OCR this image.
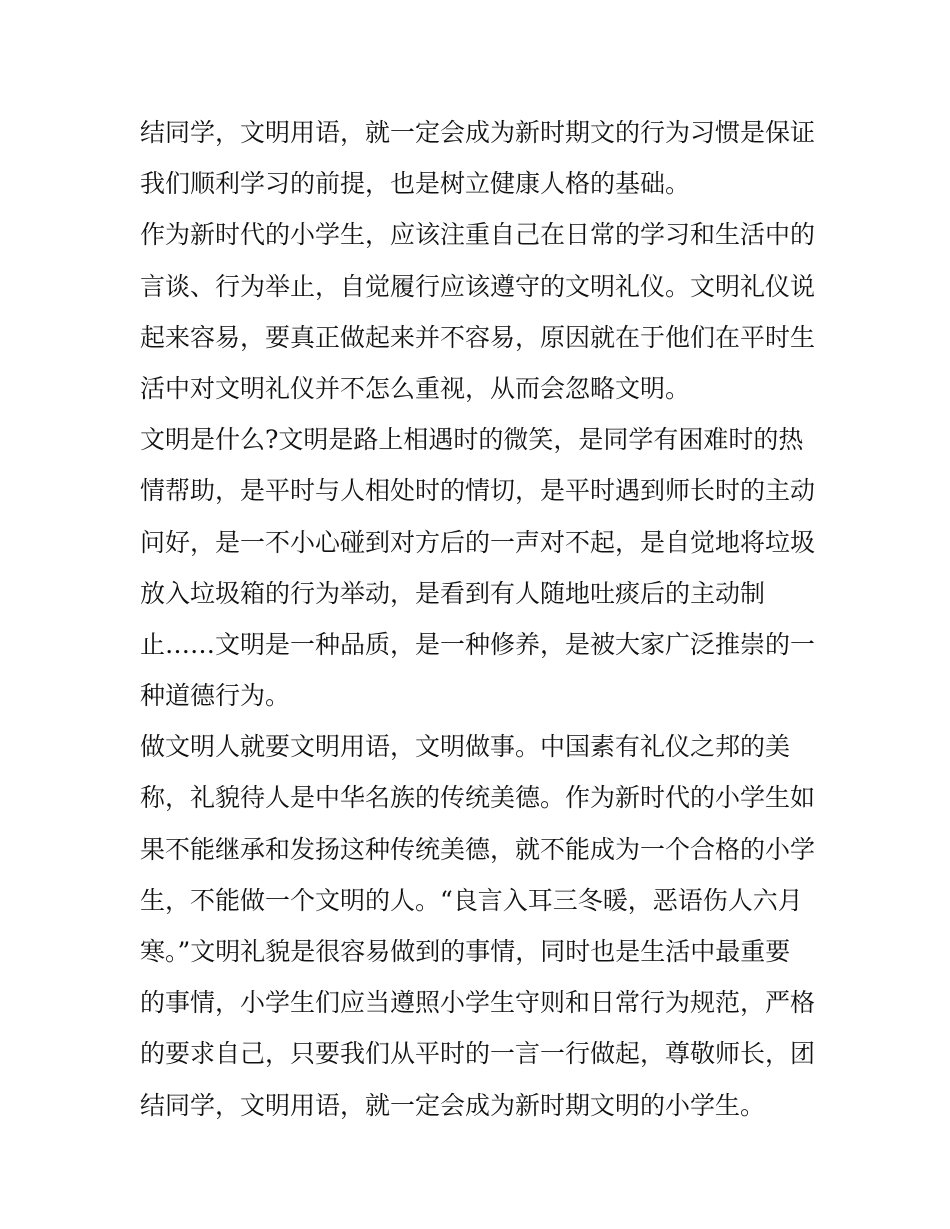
结同学，文明用语，就一定会成为新时期文的行为习惯是保证
我们顺利学习的前提，也是树立健康人格的基础。
作为新时代的小学生，应该注重自己在日常的学习和生活中的
言谈、行为举止，自觉履行应该遵守的文明礼仪。文明礼仪说
起来容易，要真正做起来并不容易，原因就在于他们在平时生
活中对文明礼仪并不怎么重视，从而会忽略文明。
文明是什么?文明是路上相遇时的微笑，是同学有困难时的热
情帮助，是平时与人相处时的情切，是平时遇到师长时的主动
问好，是一不小心碰到对方后的一声对不起，是自觉地将垃圾
放入垃圾箱的行为举动，是看到有人随地吐痰后的主动制
止……文明是一种品质，是一种修养，是被大家广泛推崇的一
种道德行为。
做文明人就要文明用语，文明做事。中国素有礼仪之邦的美
称，礼貌待人是中华名族的传统美德。作为新时代的小学生如
果不能继承和发扬这种传统美德，就不能成为一个合格的小学
生，不能做一个文明的人。“良言入耳三冬暖，恶语伤人六月
寒。”文明礼貌是很容易做到的事情，同时也是生活中最重要
的事情，小学生们应当遵照小学生守则和日常行为规范，严格
的要求自己，只要我们从平时的一言一行做起，尊敬师长，团
结同学，文明用语，就一定会成为新时期文明的小学生。
